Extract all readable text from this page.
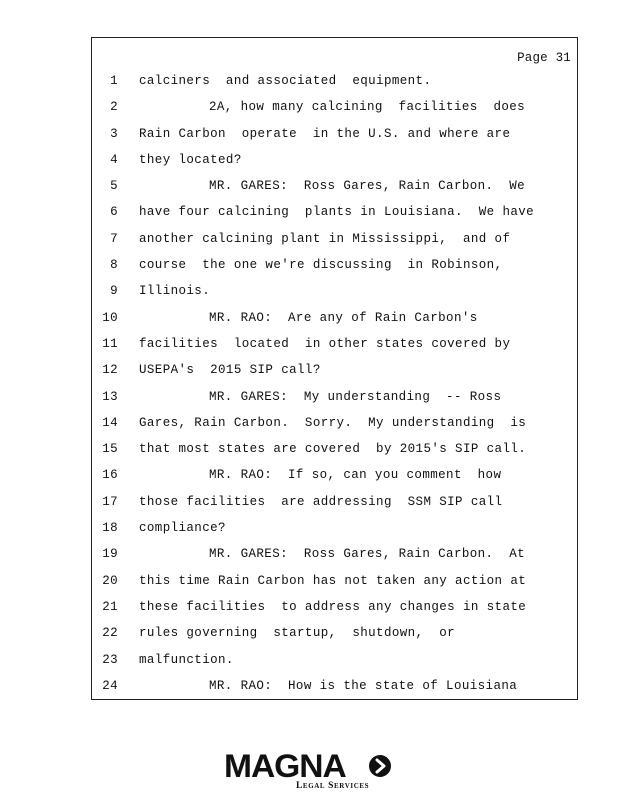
Page 31
1 calciners  and associated  equipment.
2	2A, how many calcining  facilities  does
3 Rain Carbon  operate  in the U.S. and where are
4 they located?
5	MR. GARES:  Ross Gares, Rain Carbon.  We
6 have four calcining  plants in Louisiana.  We have
7 another calcining plant in Mississippi,  and of
8 course  the one we're discussing  in Robinson,
9 Illinois.
10	MR. RAO:  Are any of Rain Carbon's
11 facilities  located  in other states covered by
12 USEPA's  2015 SIP call?
13	MR. GARES:  My understanding  -- Ross
14 Gares, Rain Carbon.  Sorry.  My understanding  is
15 that most states are covered  by 2015's SIP call.
16	MR. RAO:  If so, can you comment  how
17 those facilities  are addressing  SSM SIP call
18 compliance?
19	MR. GARES:  Ross Gares, Rain Carbon.  At
20 this time Rain Carbon has not taken any action at
21 these facilities  to address any changes in state
22 rules governing  startup,  shutdown,  or
23 malfunction.
24	MR. RAO:  How is the state of Louisiana
MAGNA
Legal Services
